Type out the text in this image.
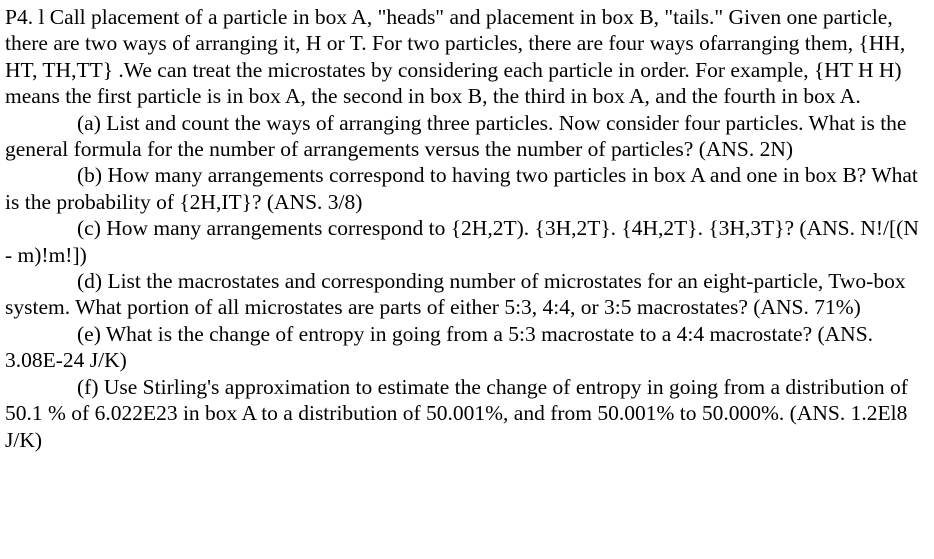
P4. l Call placement of a particle in box A, "heads" and placement in box B, "tails." Given one particle, there are two ways of arranging it, H or T. For two particles, there are four ways ofarranging them, {HH, HT, TH,TT} .We can treat the microstates by considering each particle in order. For example, {HT H H) means the first particle is in box A, the second in box B, the third in box A, and the fourth in box A.

(a) List and count the ways of arranging three particles. Now consider four particles. What is the general formula for the number of arrangements versus the number of particles? (ANS. 2N)

(b) How many arrangements correspond to having two particles in box A and one in box B? What is the probability of {2H,IT}? (ANS. 3/8)

(c) How many arrangements correspond to {2H,2T). {3H,2T}. {4H,2T}. {3H,3T}? (ANS. N!/[(N - m)!m!])

(d) List the macrostates and corresponding number of microstates for an eight-particle, Two-box system. What portion of all microstates are parts of either 5:3, 4:4, or 3:5 macrostates? (ANS. 71%)

(e) What is the change of entropy in going from a 5:3 macrostate to a 4:4 macrostate? (ANS. 3.08E-24 J/K)

(f) Use Stirling's approximation to estimate the change of entropy in going from a distribution of 50.1 % of 6.022E23 in box A to a distribution of 50.001%, and from 50.001% to 50.000%. (ANS. 1.2El8 J/K)
